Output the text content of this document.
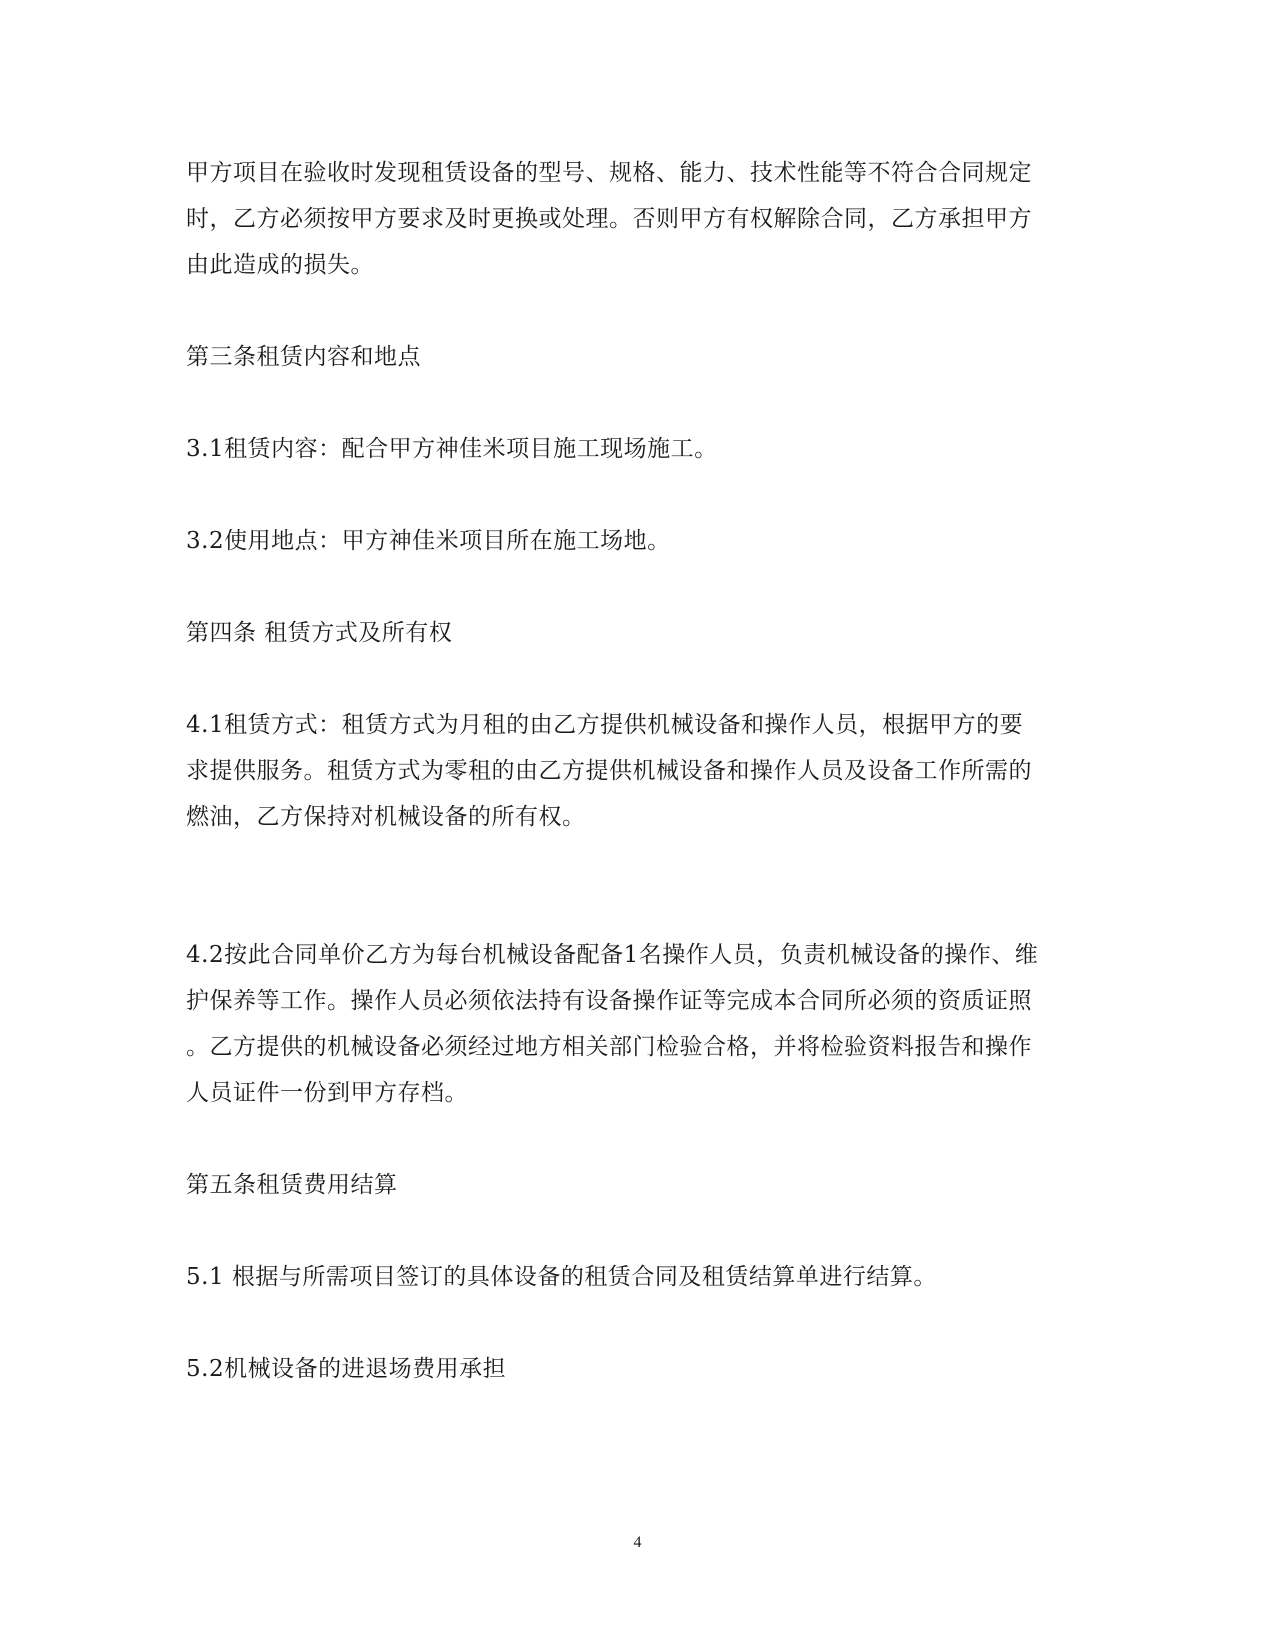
甲方项目在验收时发现租赁设备的型号、规格、能力、技术性能等不符合合同规定
时，乙方必须按甲方要求及时更换或处理。否则甲方有权解除合同，乙方承担甲方
由此造成的损失。

第三条租赁内容和地点

3.1租赁内容：配合甲方神佳米项目施工现场施工。

3.2使用地点：甲方神佳米项目所在施工场地。

第四条 租赁方式及所有权

4.1租赁方式：租赁方式为月租的由乙方提供机械设备和操作人员，根据甲方的要
求提供服务。租赁方式为零租的由乙方提供机械设备和操作人员及设备工作所需的
燃油，乙方保持对机械设备的所有权。

4.2按此合同单价乙方为每台机械设备配备1名操作人员，负责机械设备的操作、维
护保养等工作。操作人员必须依法持有设备操作证等完成本合同所必须的资质证照
。乙方提供的机械设备必须经过地方相关部门检验合格，并将检验资料报告和操作
人员证件一份到甲方存档。

第五条租赁费用结算

5.1 根据与所需项目签订的具体设备的租赁合同及租赁结算单进行结算。

5.2机械设备的进退场费用承担

4
